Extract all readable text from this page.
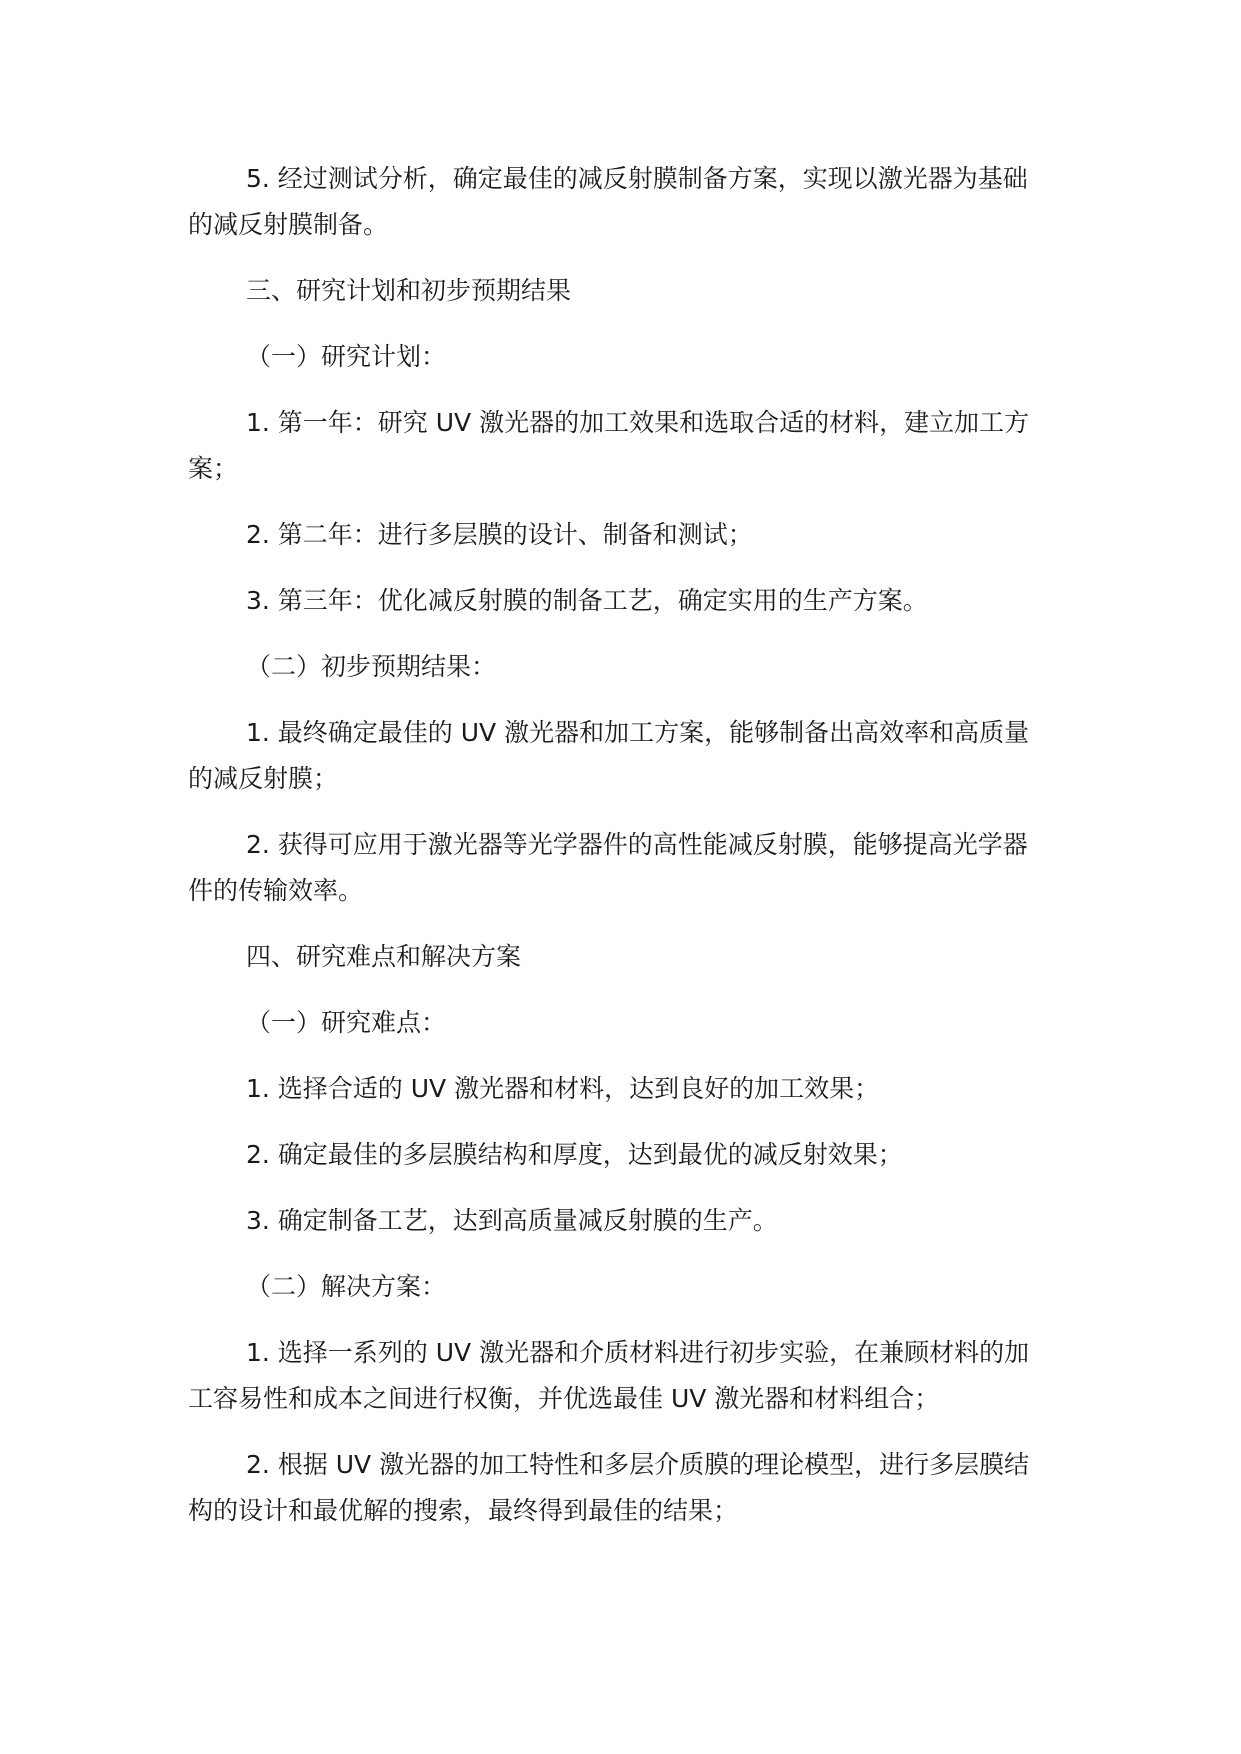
5. 经过测试分析，确定最佳的减反射膜制备方案，实现以激光器为基础的减反射膜制备。

三、研究计划和初步预期结果

（一）研究计划：

1. 第一年：研究 UV 激光器的加工效果和选取合适的材料，建立加工方案；

2. 第二年：进行多层膜的设计、制备和测试；

3. 第三年：优化减反射膜的制备工艺，确定实用的生产方案。

（二）初步预期结果：

1. 最终确定最佳的 UV 激光器和加工方案，能够制备出高效率和高质量的减反射膜；

2. 获得可应用于激光器等光学器件的高性能减反射膜，能够提高光学器件的传输效率。

四、研究难点和解决方案

（一）研究难点：

1. 选择合适的 UV 激光器和材料，达到良好的加工效果；

2. 确定最佳的多层膜结构和厚度，达到最优的减反射效果；

3. 确定制备工艺，达到高质量减反射膜的生产。

（二）解决方案：

1. 选择一系列的 UV 激光器和介质材料进行初步实验，在兼顾材料的加工容易性和成本之间进行权衡，并优选最佳 UV 激光器和材料组合；

2. 根据 UV 激光器的加工特性和多层介质膜的理论模型，进行多层膜结构的设计和最优解的搜索，最终得到最佳的结果；
